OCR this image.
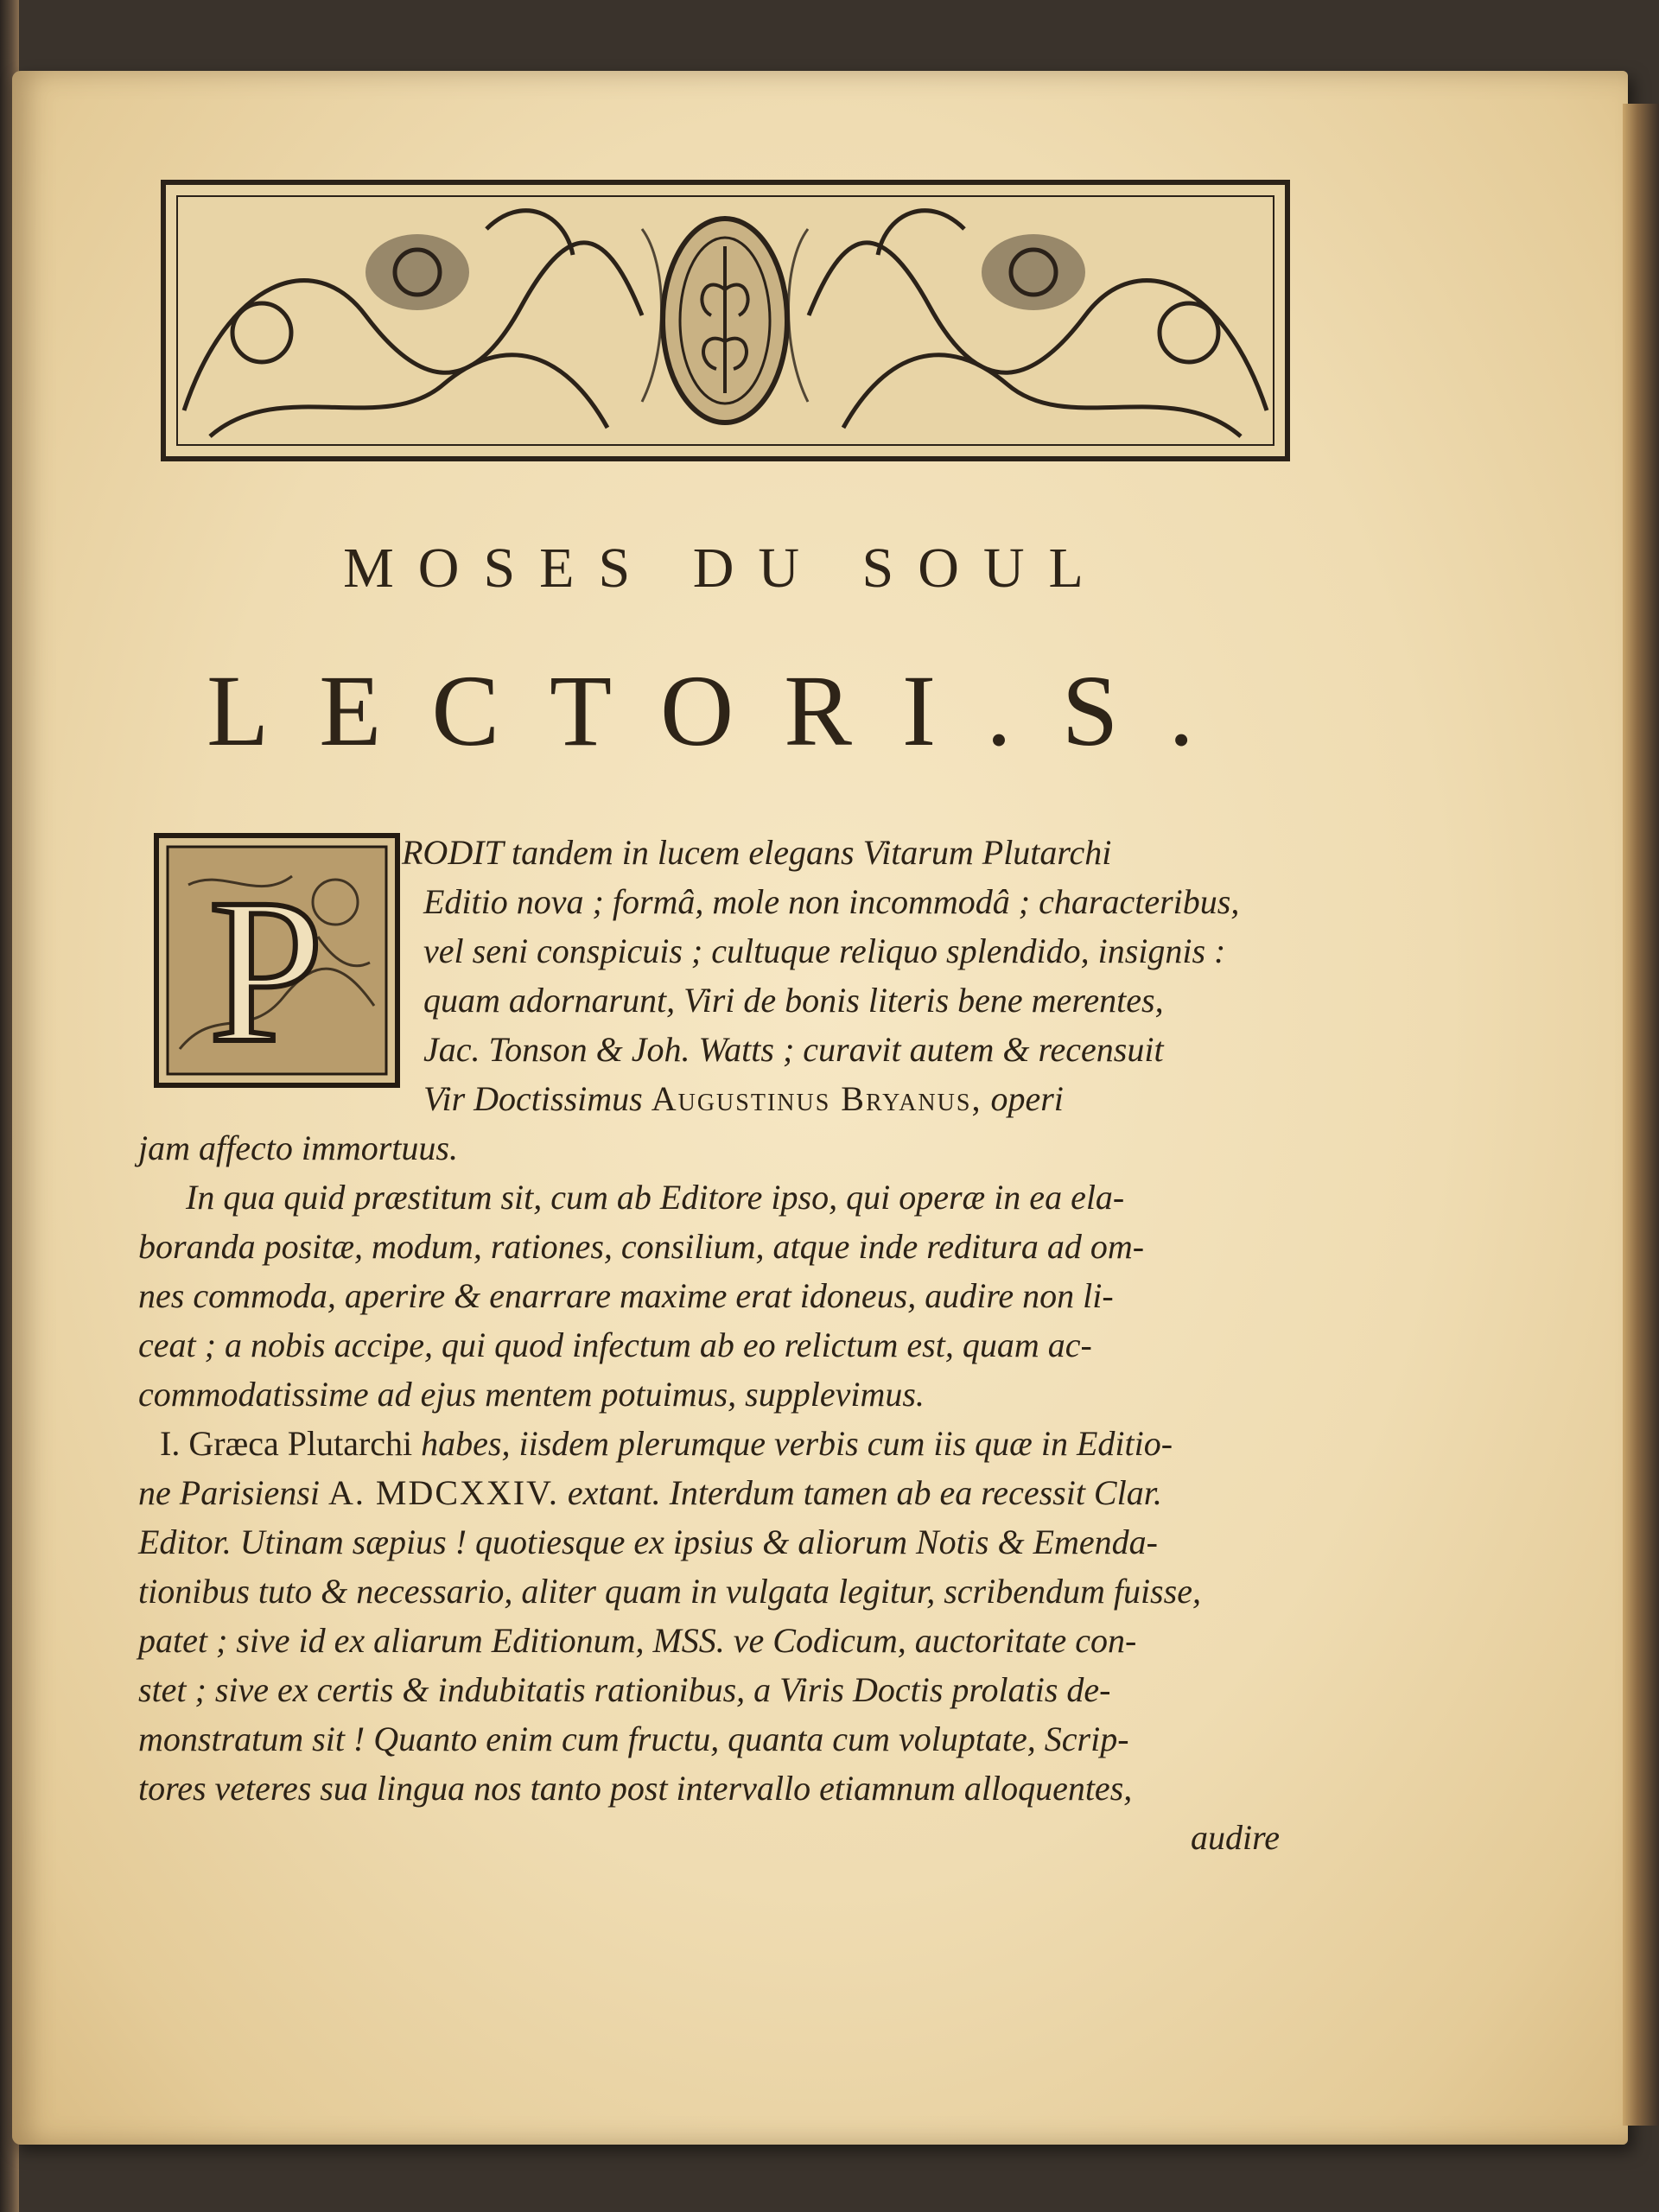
MOSES DU SOUL
LECTORI.S.
P
RODIT tandem in lucem elegans Vitarum Plutarchi
Editio nova ; formâ, mole non incommodâ ; characteribus,
vel seni conspicuis ; cultuque reliquo splendido, insignis :
quam adornarunt, Viri de bonis literis bene merentes,
Jac. Tonson & Joh. Watts ; curavit autem & recensuit
Vir Doctissimus Augustinus Bryanus, operi
jam affecto immortuus.
In qua quid præstitum sit, cum ab Editore ipso, qui operæ in ea ela-
boranda positæ, modum, rationes, consilium, atque inde reditura ad om-
nes commoda, aperire & enarrare maxime erat idoneus, audire non li-
ceat ; a nobis accipe, qui quod infectum ab eo relictum est, quam ac-
commodatissime ad ejus mentem potuimus, supplevimus.
I. Græca Plutarchi habes, iisdem plerumque verbis cum iis quæ in Editio-
ne Parisiensi A. MDCXXIV. extant. Interdum tamen ab ea recessit Clar.
Editor. Utinam sæpius ! quotiesque ex ipsius & aliorum Notis & Emenda-
tionibus tuto & necessario, aliter quam in vulgata legitur, scribendum fuisse,
patet ; sive id ex aliarum Editionum, MSS. ve Codicum, auctoritate con-
stet ; sive ex certis & indubitatis rationibus, a Viris Doctis prolatis de-
monstratum sit ! Quanto enim cum fructu, quanta cum voluptate, Scrip-
tores veteres sua lingua nos tanto post intervallo etiamnum alloquentes,
audire
